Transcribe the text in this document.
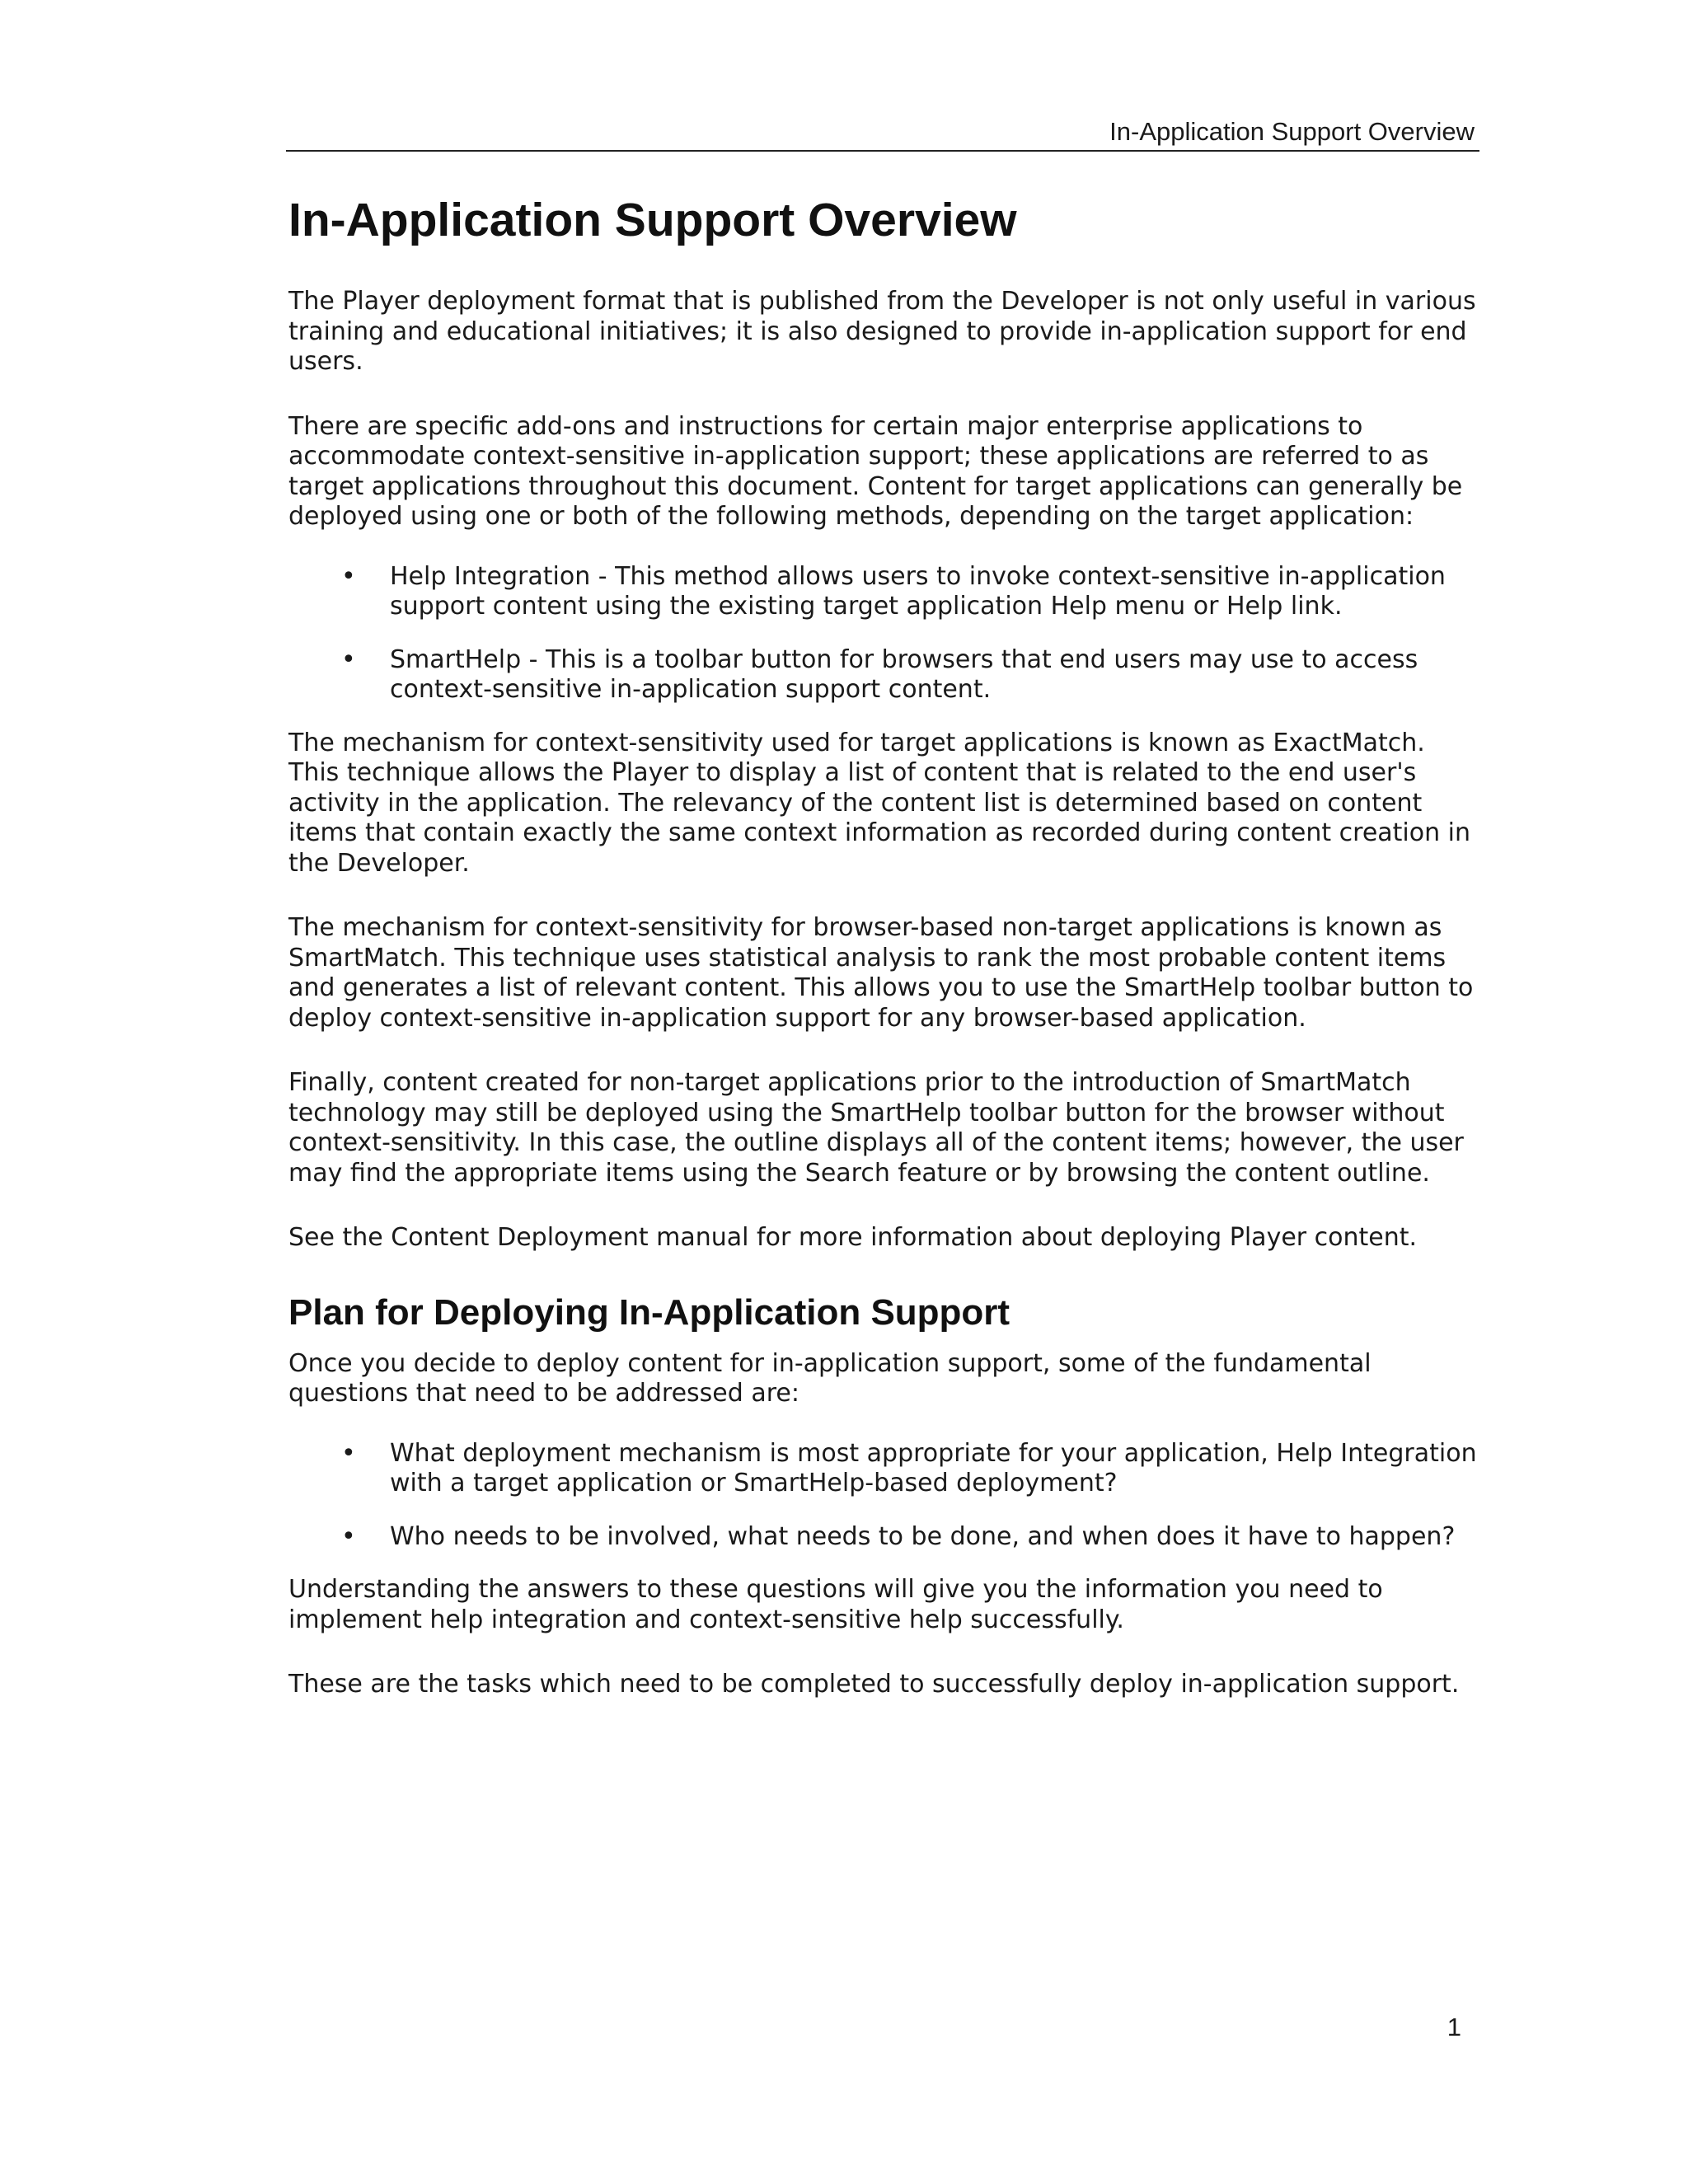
In-Application Support Overview
In-Application Support Overview

The Player deployment format that is published from the Developer is not only useful in various training and educational initiatives; it is also designed to provide in-application support for end users.

There are specific add-ons and instructions for certain major enterprise applications to accommodate context-sensitive in-application support; these applications are referred to as target applications throughout this document. Content for target applications can generally be deployed using one or both of the following methods, depending on the target application:

• Help Integration - This method allows users to invoke context-sensitive in-application support content using the existing target application Help menu or Help link.
• SmartHelp - This is a toolbar button for browsers that end users may use to access context-sensitive in-application support content.

The mechanism for context-sensitivity used for target applications is known as ExactMatch. This technique allows the Player to display a list of content that is related to the end user's activity in the application. The relevancy of the content list is determined based on content items that contain exactly the same context information as recorded during content creation in the Developer.

The mechanism for context-sensitivity for browser-based non-target applications is known as SmartMatch. This technique uses statistical analysis to rank the most probable content items and generates a list of relevant content. This allows you to use the SmartHelp toolbar button to deploy context-sensitive in-application support for any browser-based application.

Finally, content created for non-target applications prior to the introduction of SmartMatch technology may still be deployed using the SmartHelp toolbar button for the browser without context-sensitivity. In this case, the outline displays all of the content items; however, the user may find the appropriate items using the Search feature or by browsing the content outline.

See the Content Deployment manual for more information about deploying Player content.

Plan for Deploying In-Application Support

Once you decide to deploy content for in-application support, some of the fundamental questions that need to be addressed are:

• What deployment mechanism is most appropriate for your application, Help Integration with a target application or SmartHelp-based deployment?
• Who needs to be involved, what needs to be done, and when does it have to happen?

Understanding the answers to these questions will give you the information you need to implement help integration and context-sensitive help successfully.

These are the tasks which need to be completed to successfully deploy in-application support.

1
